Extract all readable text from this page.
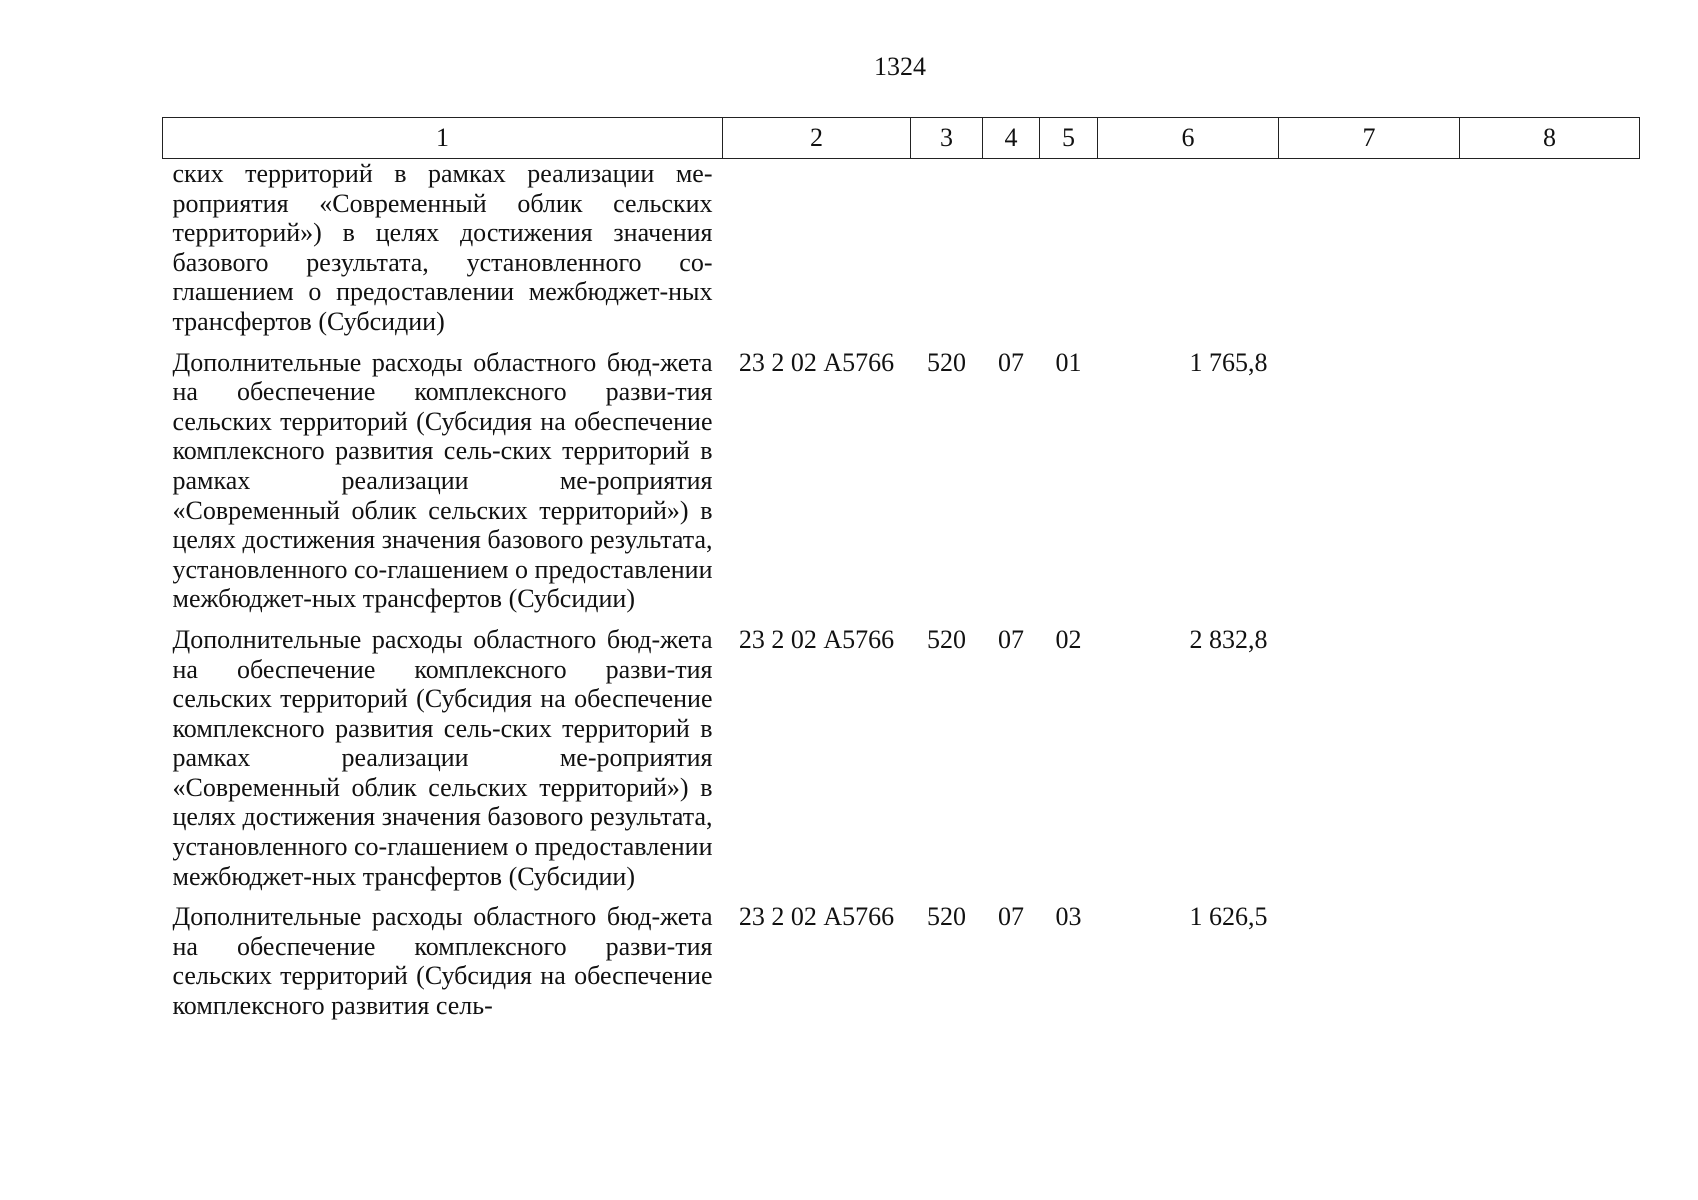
1324
1	2	3	4	5	6	7	8
ских территорий в рамках реализации ме-роприятия «Современный облик сельских территорий») в целях достижения значения базового результата, установленного со-глашением о предоставлении межбюджет-ных трансфертов (Субсидии)							
Дополнительные расходы областного бюд-жета на обеспечение комплексного разви-тия сельских территорий (Субсидия на обеспечение комплексного развития сель-ских территорий в рамках реализации ме-роприятия «Современный облик сельских территорий») в целях достижения значения базового результата, установленного со-глашением о предоставлении межбюджет-ных трансфертов (Субсидии)	23 2 02 А5766	520	07	01	1 765,8		
Дополнительные расходы областного бюд-жета на обеспечение комплексного разви-тия сельских территорий (Субсидия на обеспечение комплексного развития сель-ских территорий в рамках реализации ме-роприятия «Современный облик сельских территорий») в целях достижения значения базового результата, установленного со-глашением о предоставлении межбюджет-ных трансфертов (Субсидии)	23 2 02 А5766	520	07	02	2 832,8		
Дополнительные расходы областного бюд-жета на обеспечение комплексного разви-тия сельских территорий (Субсидия на обеспечение комплексного развития сель-	23 2 02 А5766	520	07	03	1 626,5		
